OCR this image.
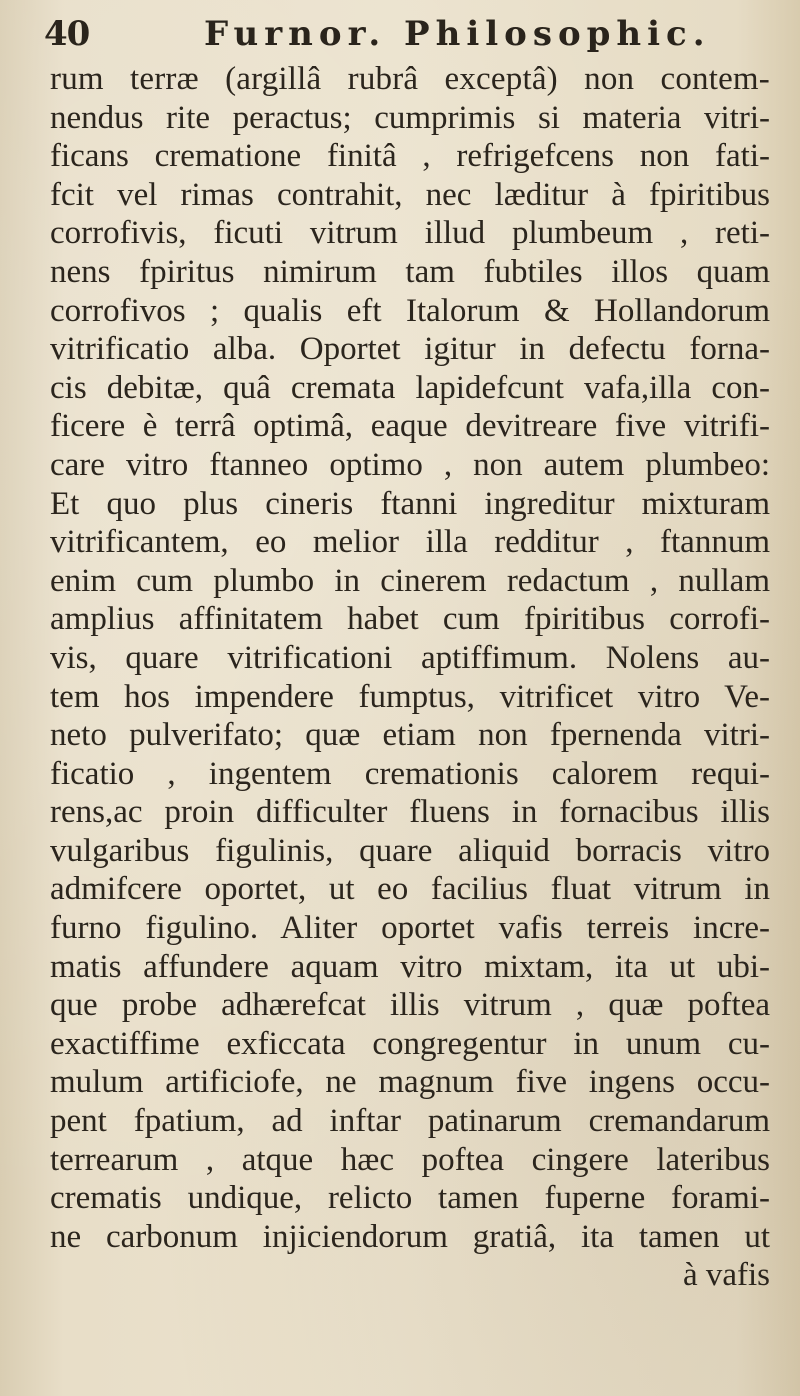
40	Furnor. Philosophic.
rum terræ (argillâ rubrâ exceptâ) non contem-
nendus rite peractus; cumprimis si materia vitri-
ficans crematione finitâ , refrigefcens non fati-
fcit vel rimas contrahit, nec læditur à fpiritibus
corrofivis, ficuti vitrum illud plumbeum , reti-
nens fpiritus nimirum tam fubtiles illos quam
corrofivos ; qualis eft Italorum & Hollandorum
vitrificatio alba. Oportet igitur in defectu forna-
cis debitæ, quâ cremata lapidefcunt vafa,illa con-
ficere è terrâ optimâ, eaque devitreare five vitrifi-
care vitro ftanneo optimo , non autem plumbeo:
Et quo plus cineris ftanni ingreditur mixturam
vitrificantem, eo melior illa redditur , ftannum
enim cum plumbo in cinerem redactum , nullam
amplius affinitatem habet cum fpiritibus corrofi-
vis, quare vitrificationi aptiffimum. Nolens au-
tem hos impendere fumptus, vitrificet vitro Ve-
neto pulverifato; quæ etiam non fpernenda vitri-
ficatio , ingentem cremationis calorem requi-
rens,ac proin difficulter fluens in fornacibus illis
vulgaribus figulinis, quare aliquid borracis vitro
admifcere oportet, ut eo facilius fluat vitrum in
furno figulino. Aliter oportet vafis terreis incre-
matis affundere aquam vitro mixtam, ita ut ubi-
que probe adhærefcat illis vitrum , quæ poftea
exactiffime exficcata congregentur in unum cu-
mulum artificiofe, ne magnum five ingens occu-
pent fpatium, ad inftar patinarum cremandarum
terrearum , atque hæc poftea cingere lateribus
crematis undique, relicto tamen fuperne forami-
ne carbonum injiciendorum gratiâ, ita tamen ut
à vafis
